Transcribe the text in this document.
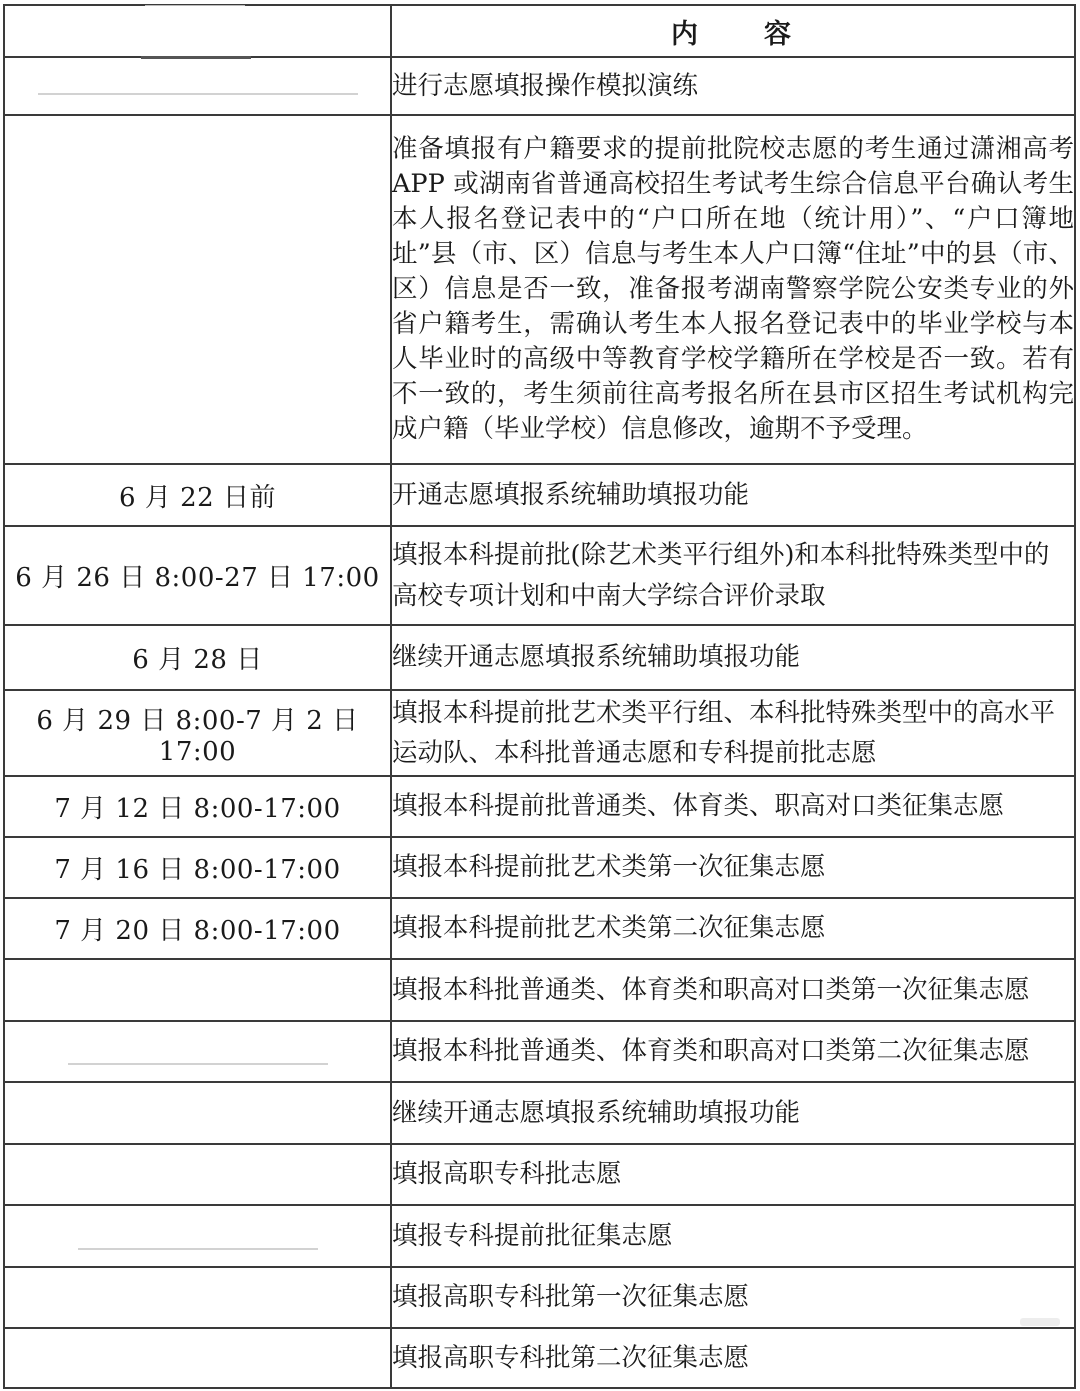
	内　　容

	进行志愿填报操作模拟演练
	准备填报有户籍要求的提前批院校志愿的考生通过潇湘高考 APP 或湖南省普通高校招生考试考生综合信息平台确认考生本人报名登记表中的“户口所在地（统计用）”、“户口簿地址”县（市、区）信息与考生本人户口簿“住址”中的县（市、区）信息是否一致，准备报考湖南警察学院公安类专业的外省户籍考生，需确认考生本人报名登记表中的毕业学校与本人毕业时的高级中等教育学校学籍所在学校是否一致。若有不一致的，考生须前往高考报名所在县市区招生考试机构完成户籍（毕业学校）信息修改，逾期不予受理。
6 月 22 日前	开通志愿填报系统辅助填报功能
6 月 26 日 8:00-27 日 17:00	填报本科提前批(除艺术类平行组外)和本科批特殊类型中的高校专项计划和中南大学综合评价录取
6 月 28 日	继续开通志愿填报系统辅助填报功能
6 月 29 日 8:00-7 月 2 日 17:00	填报本科提前批艺术类平行组、本科批特殊类型中的高水平运动队、本科批普通志愿和专科提前批志愿
7 月 12 日 8:00-17:00	填报本科提前批普通类、体育类、职高对口类征集志愿
7 月 16 日 8:00-17:00	填报本科提前批艺术类第一次征集志愿
7 月 20 日 8:00-17:00	填报本科提前批艺术类第二次征集志愿
	填报本科批普通类、体育类和职高对口类第一次征集志愿

	填报本科批普通类、体育类和职高对口类第二次征集志愿
	继续开通志愿填报系统辅助填报功能
	填报高职专科批志愿

	填报专科提前批征集志愿
	填报高职专科批第一次征集志愿
	填报高职专科批第二次征集志愿
